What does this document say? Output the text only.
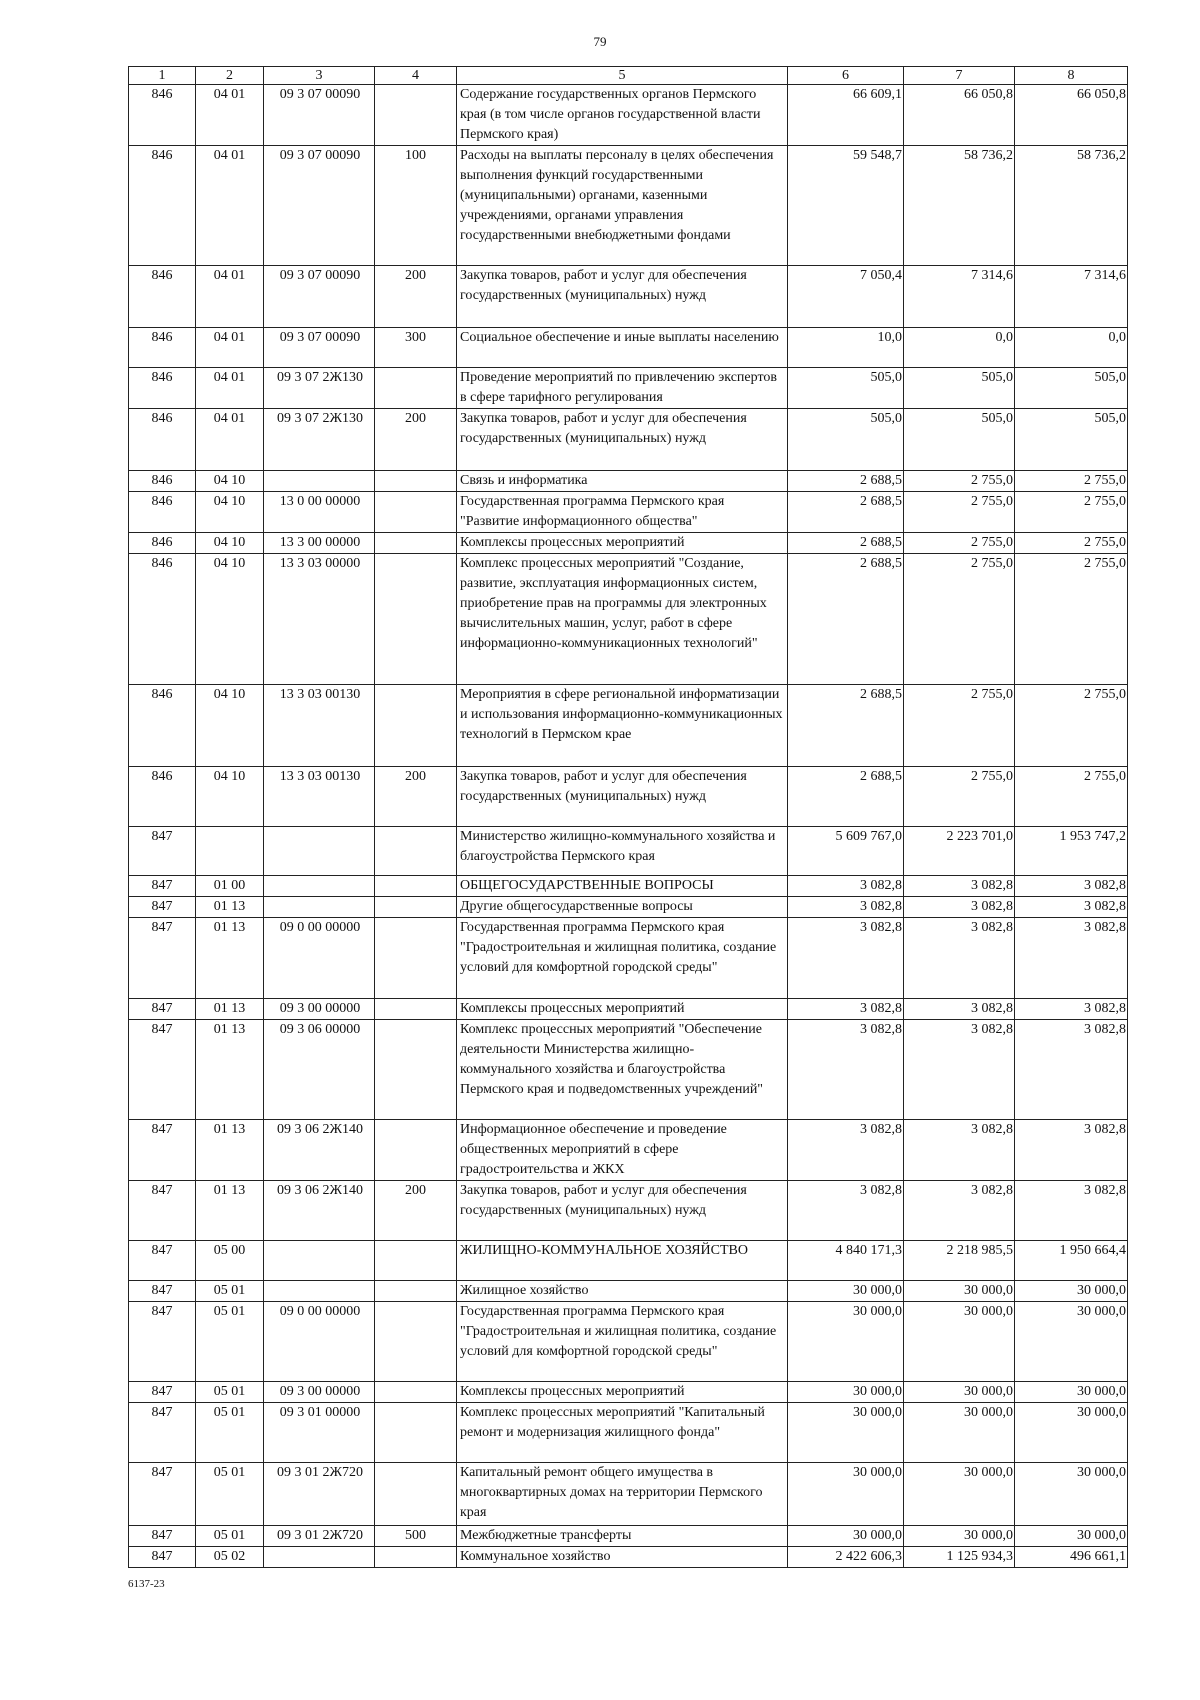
79
1	2	3	4	5	6	7	8
846	04 01	09 3 07 00090		Содержание государственных органов Пермского края (в том числе органов государственной власти Пермского края)	66 609,1	66 050,8	66 050,8
846	04 01	09 3 07 00090	100	Расходы на выплаты персоналу в целях обеспечения выполнения функций государственными (муниципальными) органами, казенными учреждениями, органами управления государственными внебюджетными фондами	59 548,7	58 736,2	58 736,2
846	04 01	09 3 07 00090	200	Закупка товаров, работ и услуг для обеспечения государственных (муниципальных) нужд	7 050,4	7 314,6	7 314,6
846	04 01	09 3 07 00090	300	Социальное обеспечение и иные выплаты населению	10,0	0,0	0,0
846	04 01	09 3 07 2Ж130		Проведение мероприятий по привлечению экспертов в сфере тарифного регулирования	505,0	505,0	505,0
846	04 01	09 3 07 2Ж130	200	Закупка товаров, работ и услуг для обеспечения государственных (муниципальных) нужд	505,0	505,0	505,0
846	04 10			Связь и информатика	2 688,5	2 755,0	2 755,0
846	04 10	13 0 00 00000		Государственная программа Пермского края "Развитие информационного общества"	2 688,5	2 755,0	2 755,0
846	04 10	13 3 00 00000		Комплексы процессных мероприятий	2 688,5	2 755,0	2 755,0
846	04 10	13 3 03 00000		Комплекс процессных мероприятий "Создание, развитие, эксплуатация информационных систем, приобретение прав на программы для электронных вычислительных машин, услуг, работ в сфере информационно-коммуникационных технологий"	2 688,5	2 755,0	2 755,0
846	04 10	13 3 03 00130		Мероприятия в сфере региональной информатизации и использования информационно-коммуникационных технологий в Пермском крае	2 688,5	2 755,0	2 755,0
846	04 10	13 3 03 00130	200	Закупка товаров, работ и услуг для обеспечения государственных (муниципальных) нужд	2 688,5	2 755,0	2 755,0
847				Министерство жилищно-коммунального хозяйства и благоустройства Пермского края	5 609 767,0	2 223 701,0	1 953 747,2
847	01 00			ОБЩЕГОСУДАРСТВЕННЫЕ ВОПРОСЫ	3 082,8	3 082,8	3 082,8
847	01 13			Другие общегосударственные вопросы	3 082,8	3 082,8	3 082,8
847	01 13	09 0 00 00000		Государственная программа Пермского края "Градостроительная и жилищная политика, создание условий для комфортной городской среды"	3 082,8	3 082,8	3 082,8
847	01 13	09 3 00 00000		Комплексы процессных мероприятий	3 082,8	3 082,8	3 082,8
847	01 13	09 3 06 00000		Комплекс процессных мероприятий "Обеспечение деятельности Министерства жилищно-коммунального хозяйства и благоустройства Пермского края и подведомственных учреждений"	3 082,8	3 082,8	3 082,8
847	01 13	09 3 06 2Ж140		Информационное обеспечение и проведение общественных мероприятий в сфере градостроительства и ЖКХ	3 082,8	3 082,8	3 082,8
847	01 13	09 3 06 2Ж140	200	Закупка товаров, работ и услуг для обеспечения государственных (муниципальных) нужд	3 082,8	3 082,8	3 082,8
847	05 00			ЖИЛИЩНО-КОММУНАЛЬНОЕ ХОЗЯЙСТВО	4 840 171,3	2 218 985,5	1 950 664,4
847	05 01			Жилищное хозяйство	30 000,0	30 000,0	30 000,0
847	05 01	09 0 00 00000		Государственная программа Пермского края "Градостроительная и жилищная политика, создание условий для комфортной городской среды"	30 000,0	30 000,0	30 000,0
847	05 01	09 3 00 00000		Комплексы процессных мероприятий	30 000,0	30 000,0	30 000,0
847	05 01	09 3 01 00000		Комплекс процессных мероприятий "Капитальный ремонт и модернизация жилищного фонда"	30 000,0	30 000,0	30 000,0
847	05 01	09 3 01 2Ж720		Капитальный ремонт общего имущества в многоквартирных домах на территории Пермского края	30 000,0	30 000,0	30 000,0
847	05 01	09 3 01 2Ж720	500	Межбюджетные трансферты	30 000,0	30 000,0	30 000,0
847	05 02			Коммунальное хозяйство	2 422 606,3	1 125 934,3	496 661,1
6137-23
